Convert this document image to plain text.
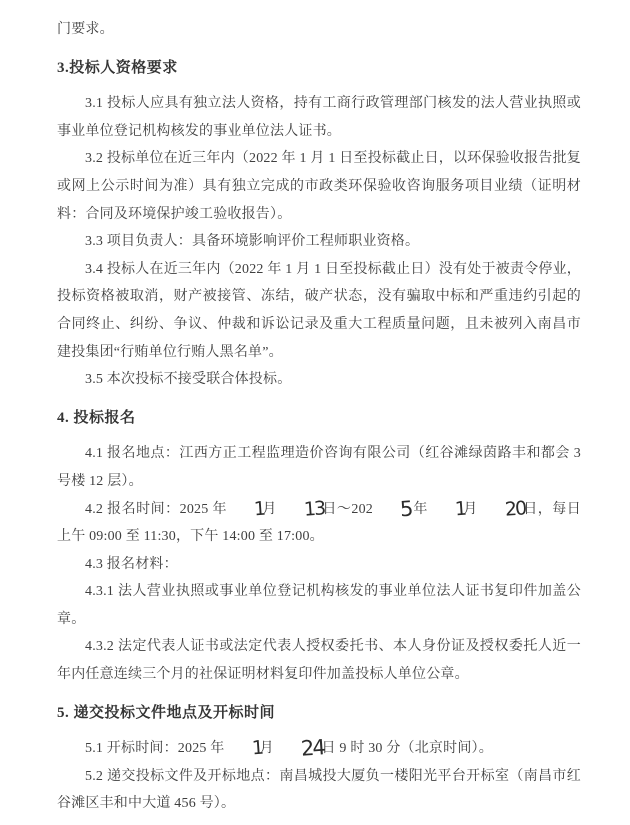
门要求。

3.投标人资格要求

3.1 投标人应具有独立法人资格，持有工商行政管理部门核发的法人营业执照或事业单位登记机构核发的事业单位法人证书。

3.2 投标单位在近三年内（2022 年 1 月 1 日至投标截止日，以环保验收报告批复或网上公示时间为准）具有独立完成的市政类环保验收咨询服务项目业绩（证明材料：合同及环境保护竣工验收报告）。

3.3 项目负责人：具备环境影响评价工程师职业资格。

3.4 投标人在近三年内（2022 年 1 月 1 日至投标截止日）没有处于被责令停业，投标资格被取消，财产被接管、冻结，破产状态，没有骗取中标和严重违约引起的合同终止、纠纷、争议、仲裁和诉讼记录及重大工程质量问题，且未被列入南昌市建投集团“行贿单位行贿人黑名单”。

3.5 本次投标不接受联合体投标。

4. 投标报名

4.1 报名地点：江西方正工程监理造价咨询有限公司（红谷滩绿茵路丰和都会 3 号楼 12 层）。

4.2 报名时间：2025 年 1月 13日～202 5 年 1月 20日，每日上午 09:00 至 11:30，下午 14:00 至 17:00。

4.3 报名材料：

4.3.1 法人营业执照或事业单位登记机构核发的事业单位法人证书复印件加盖公章。

4.3.2 法定代表人证书或法定代表人授权委托书、本人身份证及授权委托人近一年内任意连续三个月的社保证明材料复印件加盖投标人单位公章。

5. 递交投标文件地点及开标时间

5.1 开标时间：2025 年 1月 24日 9 时 30 分（北京时间）。

5.2 递交投标文件及开标地点：南昌城投大厦负一楼阳光平台开标室（南昌市红谷滩区丰和中大道 456 号）。
